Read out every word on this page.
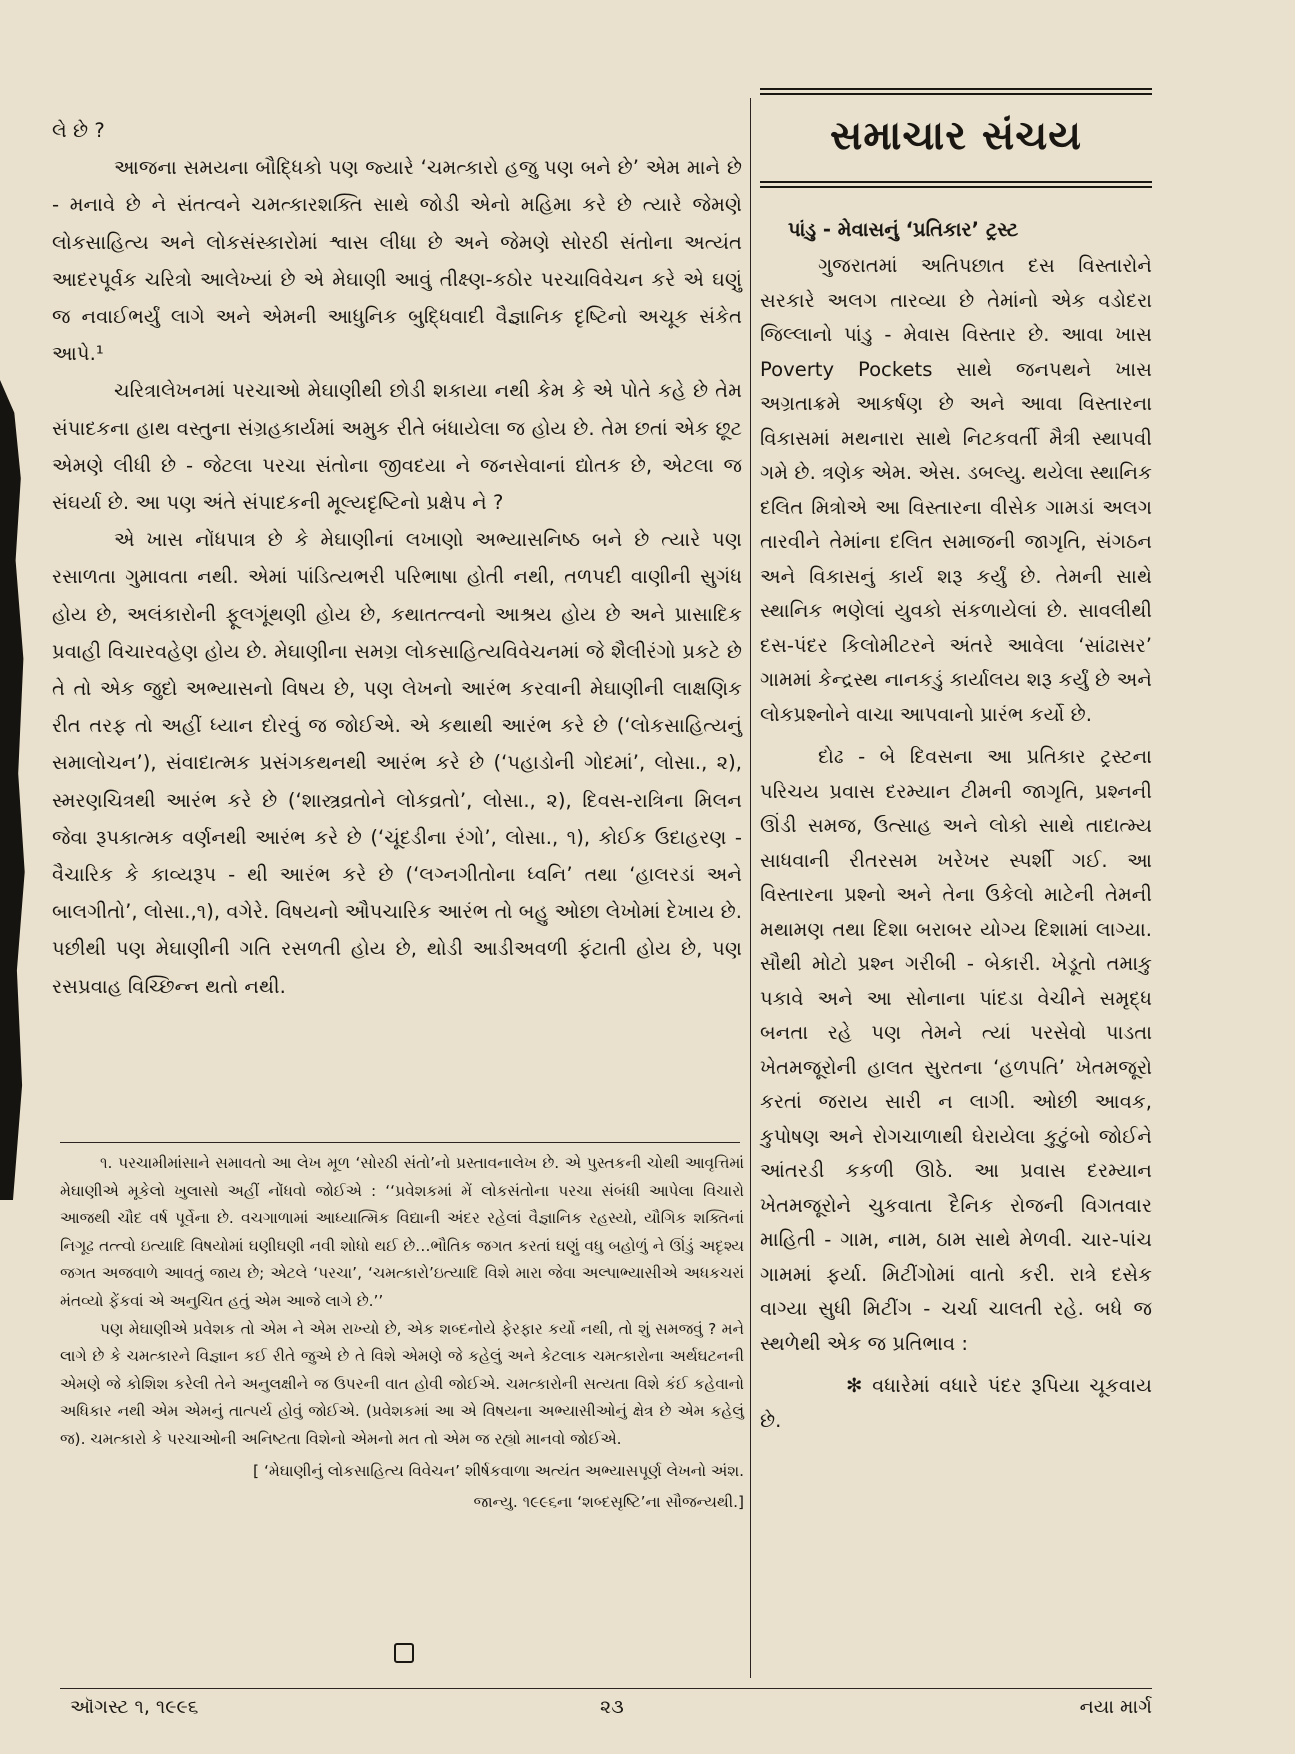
લે છે ?

આજના સમયના બૌદ્ધિકો પણ જ્યારે ‘ચમત્કારો હજુ પણ બને છે’ એમ માને છે - મનાવે છે ને સંતત્વને ચમત્કારશક્તિ સાથે જોડી એનો મહિમા કરે છે ત્યારે જેમણે લોકસાહિત્ય અને લોકસંસ્કારોમાં શ્વાસ લીધા છે અને જેમણે સોરઠી સંતોના અત્યંત આદરપૂર્વક ચરિત્રો આલેખ્યાં છે એ મેઘાણી આવું તીક્ષ્ણ-કઠોર પરચાવિવેચન કરે એ ઘણું જ નવાઈભર્યું લાગે અને એમની આધુનિક બુદ્ધિવાદી વૈજ્ઞાનિક દૃષ્ટિનો અચૂક સંકેત આપે.¹

ચરિત્રાલેખનમાં પરચાઓ મેઘાણીથી છોડી શકાયા નથી કેમ કે એ પોતે કહે છે તેમ સંપાદકના હાથ વસ્તુના સંગ્રહકાર્યમાં અમુક રીતે બંધાયેલા જ હોય છે. તેમ છતાં એક છૂટ એમણે લીધી છે - જેટલા પરચા સંતોના જીવદયા ને જનસેવાનાં દ્યોતક છે, એટલા જ સંઘર્યા છે. આ પણ અંતે સંપાદકની મૂલ્યદૃષ્ટિનો પ્રક્ષેપ ને ?

એ ખાસ નોંધપાત્ર છે કે મેઘાણીનાં લખાણો અભ્યાસનિષ્ઠ બને છે ત્યારે પણ રસાળતા ગુમાવતા નથી. એમાં પાંડિત્યભરી પરિભાષા હોતી નથી, તળપદી વાણીની સુગંધ હોય છે, અલંકારોની ફૂલગૂંથણી હોય છે, કથાતત્ત્વનો આશ્રય હોય છે અને પ્રાસાદિક પ્રવાહી વિચારવહેણ હોય છે. મેઘાણીના સમગ્ર લોકસાહિત્યવિવેચનમાં જે શૈલીરંગો પ્રકટે છે તે તો એક જુદો અભ્યાસનો વિષય છે, પણ લેખનો આરંભ કરવાની મેઘાણીની લાક્ષણિક રીત તરફ તો અહીં ધ્યાન દોરવું જ જોઈએ. એ કથાથી આરંભ કરે છે (‘લોકસાહિત્યનું સમાલોચન’), સંવાદાત્મક પ્રસંગકથનથી આરંભ કરે છે (‘પહાડોની ગોદમાં’, લોસા., ૨), સ્મરણચિત્રથી આરંભ કરે છે (‘શાસ્ત્રવ્રતોને લોકવ્રતો’, લોસા., ૨), દિવસ-રાત્રિના મિલન જેવા રૂપકાત્મક વર્ણનથી આરંભ કરે છે (‘ચૂંદડીના રંગો’, લોસા., ૧), કોઈક ઉદાહરણ - વૈચારિક કે કાવ્યરૂપ - થી આરંભ કરે છે (‘લગ્નગીતોના ધ્વનિ’ તથા ‘હાલરડાં અને બાલગીતો’, લોસા.,૧), વગેરે. વિષયનો ઔપચારિક આરંભ તો બહુ ઓછા લેખોમાં દેખાય છે. પછીથી પણ મેઘાણીની ગતિ રસળતી હોય છે, થોડી આડીઅવળી ફંટાતી હોય છે, પણ રસપ્રવાહ વિચ્છિન્ન થતો નથી.

૧. પરચામીમાંસાને સમાવતો આ લેખ મૂળ ‘સોરઠી સંતો’નો પ્રસ્તાવનાલેખ છે. એ પુસ્તકની ચોથી આવૃત્તિમાં મેઘાણીએ મૂકેલો ખુલાસો અહીં નોંધવો જોઈએ : ‘‘પ્રવેશકમાં મેં લોકસંતોના પરચા સંબંધી આપેલા વિચારો આજથી ચૌદ વર્ષ પૂર્વેના છે. વચગાળામાં આધ્યાત્મિક વિદ્યાની અંદર રહેલાં વૈજ્ઞાનિક રહસ્યો, યૌગિક શક્તિનાં નિગૂઢ તત્ત્વો ઇત્યાદિ વિષયોમાં ઘણીઘણી નવી શોધો થઈ છે…ભૌતિક જગત કરતાં ઘણું વધુ બહોળું ને ઊંડું અદૃશ્ય જગત અજવાળે આવતું જાય છે; એટલે ‘પરચા’, ‘ચમત્કારો’ઇત્યાદિ વિશે મારા જેવા અલ્પાભ્યાસીએ અધકચરાં મંતવ્યો ફેંકવાં એ અનુચિત હતું એમ આજે લાગે છે.’’

પણ મેઘાણીએ પ્રવેશક તો એમ ને એમ રાખ્યો છે, એક શબ્દનોયે ફેરફાર કર્યો નથી, તો શું સમજવું ? મને લાગે છે કે ચમત્કારને વિજ્ઞાન કઈ રીતે જુએ છે તે વિશે એમણે જે કહેલું અને કેટલાક ચમત્કારોના અર્થઘટનની એમણે જે કોશિશ કરેલી તેને અનુલક્ષીને જ ઉપરની વાત હોવી જોઈએ. ચમત્કારોની સત્યતા વિશે કંઈ કહેવાનો અધિકાર નથી એમ એમનું તાત્પર્ય હોવું જોઈએ. (પ્રવેશકમાં આ એ વિષયના અભ્યાસીઓનું ક્ષેત્ર છે એમ કહેલું જ). ચમત્કારો કે પરચાઓની અનિષ્ટતા વિશેનો એમનો મત તો એમ જ રહ્યો માનવો જોઈએ.

[ ‘મેઘાણીનું લોકસાહિત્ય વિવેચન’ શીર્ષકવાળા અત્યંત અભ્યાસપૂર્ણ લેખનો અંશ.

જાન્યુ. ૧૯૯૬ના ‘શબ્દસૃષ્ટિ’ના સૌજન્યથી.]

સમાચાર સંચય
પાંડુ - મેવાસનું ‘પ્રતિકાર’ ટ્રસ્ટ

ગુજરાતમાં અતિપછાત દસ વિસ્તારોને સરકારે અલગ તારવ્યા છે તેમાંનો એક વડોદરા જિલ્લાનો પાંડુ - મેવાસ વિસ્તાર છે. આવા ખાસ Poverty Pockets સાથે જનપથને ખાસ અગ્રતાક્રમે આકર્ષણ છે અને આવા વિસ્તારના વિકાસમાં મથનારા સાથે નિટકવર્તી મૈત્રી સ્થાપવી ગમે છે. ત્રણેક એમ. એસ. ડબલ્યુ. થયેલા સ્થાનિક દલિત મિત્રોએ આ વિસ્તારના વીસેક ગામડાં અલગ તારવીને તેમાંના દલિત સમાજની જાગૃતિ, સંગઠન અને વિકાસનું કાર્ય શરૂ કર્યું છે. તેમની સાથે સ્થાનિક ભણેલાં યુવકો સંકળાયેલાં છે. સાવલીથી દસ-પંદર કિલોમીટરને અંતરે આવેલા ‘સાંઢાસર’ ગામમાં કેન્દ્રસ્થ નાનકડું કાર્યાલય શરૂ કર્યું છે અને લોકપ્રશ્નોને વાચા આપવાનો પ્રારંભ કર્યો છે.

દોઢ - બે દિવસના આ પ્રતિકાર ટ્રસ્ટના પરિચય પ્રવાસ દરમ્યાન ટીમની જાગૃતિ, પ્રશ્નની ઊંડી સમજ, ઉત્સાહ અને લોકો સાથે તાદાત્મ્ય સાધવાની રીતરસમ ખરેખર સ્પર્શી ગઈ. આ વિસ્તારના પ્રશ્નો અને તેના ઉકેલો માટેની તેમની મથામણ તથા દિશા બરાબર યોગ્ય દિશામાં લાગ્યા. સૌથી મોટો પ્રશ્ન ગરીબી - બેકારી. ખેડૂતો તમાકુ પકાવે અને આ સોનાના પાંદડા વેચીને સમૃદ્ધ બનતા રહે પણ તેમને ત્યાં પરસેવો પાડતા ખેતમજૂરોની હાલત સુરતના ‘હળપતિ’ ખેતમજૂરો કરતાં જરાય સારી ન લાગી. ઓછી આવક, કુપોષણ અને રોગચાળાથી ઘેરાયેલા કુટુંબો જોઈને આંતરડી કકળી ઊઠે. આ પ્રવાસ દરમ્યાન ખેતમજૂરોને ચુકવાતા દૈનિક રોજની વિગતવાર માહિતી - ગામ, નામ, ઠામ સાથે મેળવી. ચાર-પાંચ ગામમાં ફર્યા. મિટીંગોમાં વાતો કરી. રાત્રે દસેક વાગ્યા સુધી મિટીંગ - ચર્ચા ચાલતી રહે. બધે જ સ્થળેથી એક જ પ્રતિભાવ :

✻ વધારેમાં વધારે પંદર રૂપિયા ચૂકવાય છે.

ઑગસ્ટ ૧, ૧૯૯૬	૨૩	નયા માર્ગ
